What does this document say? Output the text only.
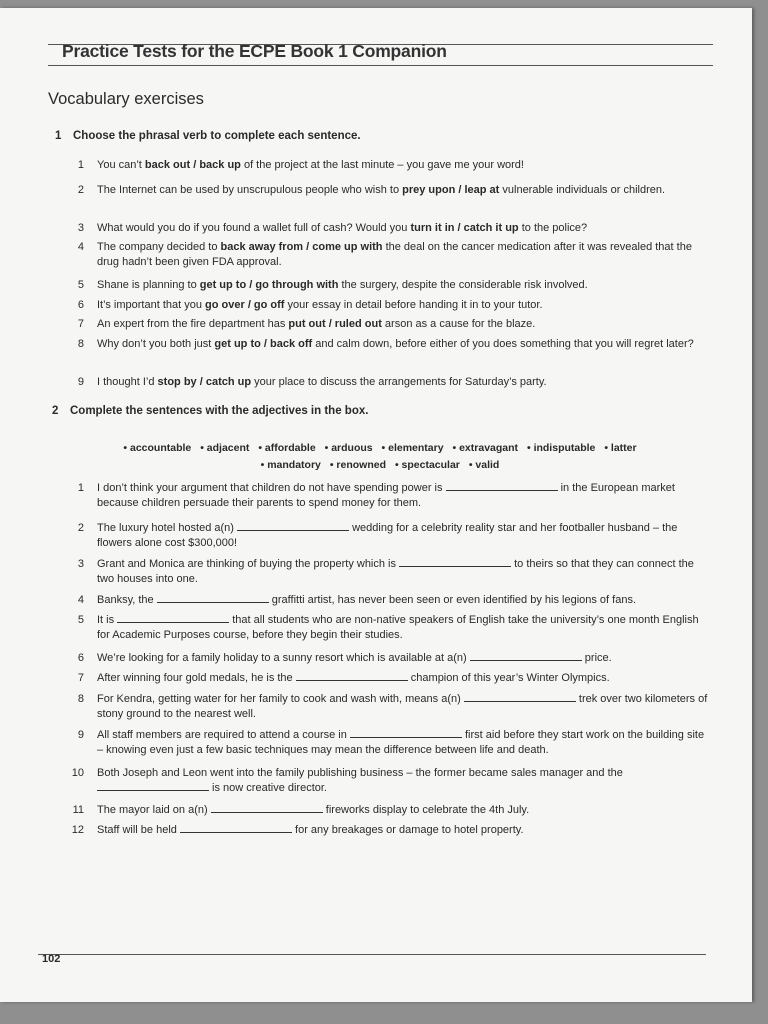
Practice Tests for the ECPE Book 1 Companion
Vocabulary exercises
1 Choose the phrasal verb to complete each sentence.
1 You can’t back out / back up of the project at the last minute – you gave me your word!
2 The Internet can be used by unscrupulous people who wish to prey upon / leap at vulnerable individuals or children.
3 What would you do if you found a wallet full of cash? Would you turn it in / catch it up to the police?
4 The company decided to back away from / come up with the deal on the cancer medication after it was revealed that the drug hadn’t been given FDA approval.
5 Shane is planning to get up to / go through with the surgery, despite the considerable risk involved.
6 It’s important that you go over / go off your essay in detail before handing it in to your tutor.
7 An expert from the fire department has put out / ruled out arson as a cause for the blaze.
8 Why don’t you both just get up to / back off and calm down, before either of you does something that you will regret later?
9 I thought I’d stop by / catch up your place to discuss the arrangements for Saturday’s party.
2 Complete the sentences with the adjectives in the box.
• accountable • adjacent • affordable • arduous • elementary • extravagant • indisputable • latter
• mandatory • renowned • spectacular • valid
1 I don’t think your argument that children do not have spending power is	in the European market because children persuade their parents to spend money for them.
2 The luxury hotel hosted a(n)	wedding for a celebrity reality star and her footballer husband – the flowers alone cost $300,000!
3 Grant and Monica are thinking of buying the property which is	to theirs so that they can connect the two houses into one.
4 Banksy, the	graffitti artist, has never been seen or even identified by his legions of fans.
5 It is	that all students who are non-native speakers of English take the university’s one month English for Academic Purposes course, before they begin their studies.
6 We’re looking for a family holiday to a sunny resort which is available at a(n)	price.
7 After winning four gold medals, he is the	champion of this year’s Winter Olympics.
8 For Kendra, getting water for her family to cook and wash with, means a(n)	trek over two kilometers of stony ground to the nearest well.
9 All staff members are required to attend a course in	first aid before they start work on the building site – knowing even just a few basic techniques may mean the difference between life and death.
10 Both Joseph and Leon went into the family publishing business – the former became sales manager and the  is now creative director.
11 The mayor laid on a(n)	fireworks display to celebrate the 4th July.
12 Staff will be held	for any breakages or damage to hotel property.
102
